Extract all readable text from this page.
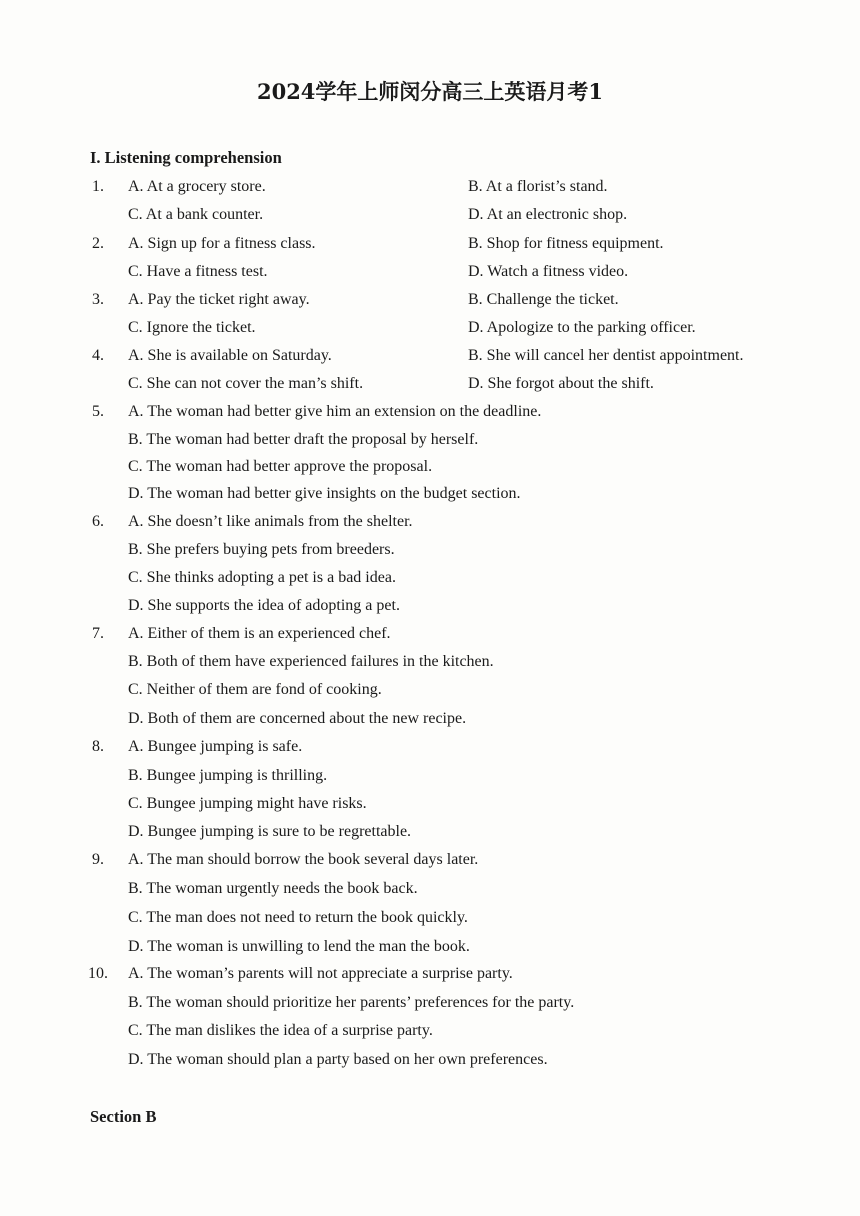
2024学年上师闵分高三上英语月考1
I. Listening comprehension
1. A. At a grocery store.	B. At a florist’s stand.
C. At a bank counter.	D. At an electronic shop.
2. A. Sign up for a fitness class.	B. Shop for fitness equipment.
C. Have a fitness test.	D. Watch a fitness video.
3. A. Pay the ticket right away.	B. Challenge the ticket.
C. Ignore the ticket.	D. Apologize to the parking officer.
4. A. She is available on Saturday.	B. She will cancel her dentist appointment.
C. She can not cover the man’s shift.	D. She forgot about the shift.
5. A. The woman had better give him an extension on the deadline.
B. The woman had better draft the proposal by herself.
C. The woman had better approve the proposal.
D. The woman had better give insights on the budget section.
6. A. She doesn’t like animals from the shelter.
B. She prefers buying pets from breeders.
C. She thinks adopting a pet is a bad idea.
D. She supports the idea of adopting a pet.
7. A. Either of them is an experienced chef.
B. Both of them have experienced failures in the kitchen.
C. Neither of them are fond of cooking.
D. Both of them are concerned about the new recipe.
8. A. Bungee jumping is safe.
B. Bungee jumping is thrilling.
C. Bungee jumping might have risks.
D. Bungee jumping is sure to be regrettable.
9. A. The man should borrow the book several days later.
B. The woman urgently needs the book back.
C. The man does not need to return the book quickly.
D. The woman is unwilling to lend the man the book.
10. A. The woman’s parents will not appreciate a surprise party.
B. The woman should prioritize her parents’ preferences for the party.
C. The man dislikes the idea of a surprise party.
D. The woman should plan a party based on her own preferences.
Section B
